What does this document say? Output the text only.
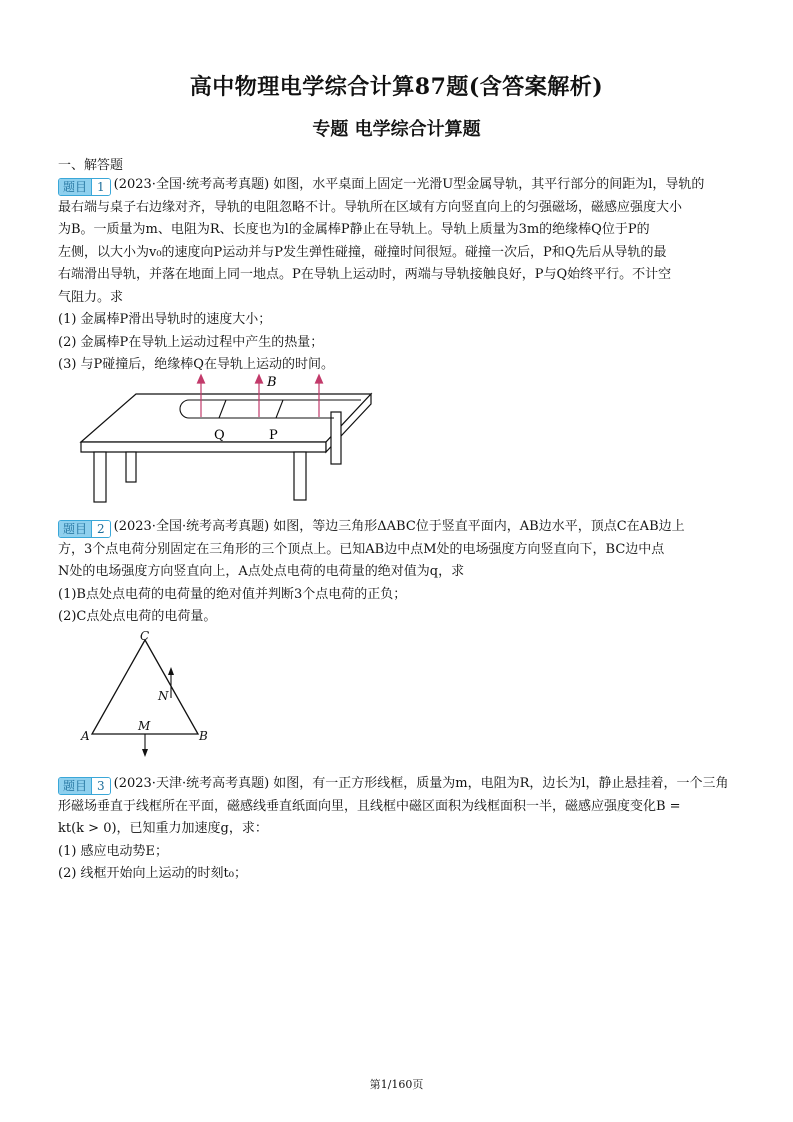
高中物理电学综合计算87题(含答案解析)
专题 电学综合计算题
一、解答题
题目 1 (2023·全国·统考高考真题) 如图，水平桌面上固定一光滑U型金属导轨，其平行部分的间距为l，导轨的
最右端与桌子右边缘对齐，导轨的电阻忽略不计。导轨所在区域有方向竖直向上的匀强磁场，磁感应强度大小
为B。一质量为m、电阻为R、长度也为l的金属棒P静止在导轨上。导轨上质量为3m的绝缘棒Q位于P的
左侧，以大小为v₀的速度向P运动并与P发生弹性碰撞，碰撞时间很短。碰撞一次后，P和Q先后从导轨的最
右端滑出导轨，并落在地面上同一地点。P在导轨上运动时，两端与导轨接触良好，P与Q始终平行。不计空
气阻力。求
(1) 金属棒P滑出导轨时的速度大小；
(2) 金属棒P在导轨上运动过程中产生的热量；
(3) 与P碰撞后，绝缘棒Q在导轨上运动的时间。
B
Q	P
题目 2 (2023·全国·统考高考真题) 如图，等边三角形ΔABC位于竖直平面内，AB边水平，顶点C在AB边上
方，3个点电荷分别固定在三角形的三个顶点上。已知AB边中点M处的电场强度方向竖直向下，BC边中点
N处的电场强度方向竖直向上，A点处点电荷的电荷量的绝对值为q，求
(1)B点处点电荷的电荷量的绝对值并判断3个点电荷的正负；
(2)C点处点电荷的电荷量。
C
A	B
M
N
题目 3 (2023·天津·统考高考真题) 如图，有一正方形线框，质量为m，电阻为R，边长为l，静止悬挂着，一个三角
形磁场垂直于线框所在平面，磁感线垂直纸面向里，且线框中磁区面积为线框面积一半，磁感应强度变化B =
kt(k > 0)，已知重力加速度g，求：
(1) 感应电动势E；
(2) 线框开始向上运动的时刻t₀；
第1/160页
